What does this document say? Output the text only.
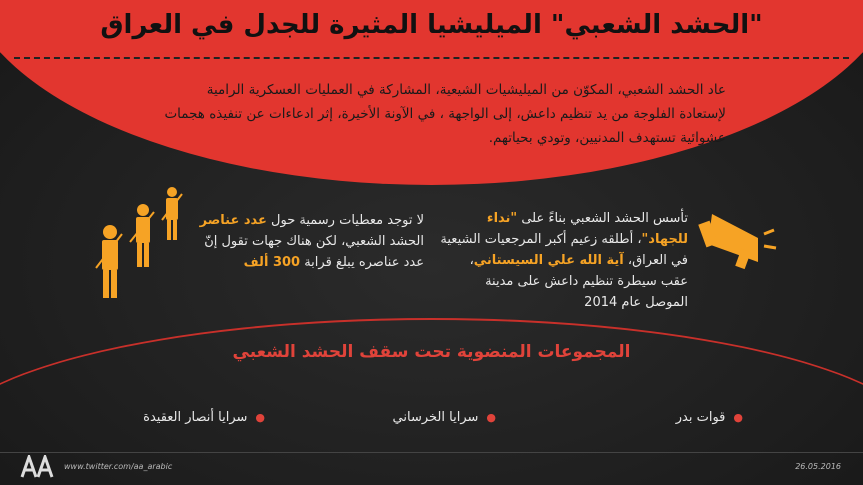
"الحشد الشعبي" الميليشيا المثيرة للجدل في العراق
عاد الحشد الشعبي، المكوّن من الميليشيات الشيعية، المشاركة في العمليات العسكرية الرامية لإستعادة الفلوجة من يد تنظيم داعش، إلى الواجهة ، في الآونة الأخيرة، إثر ادعاءات عن تنفيذه هجمات عشوائية تستهدف المدنيين، وتودي بحياتهم.
تأسس الحشد الشعبي بناءً على "نداء للجهاد"، أطلقه زعيم أكبر المرجعيات الشيعية في العراق، آية الله علي السيستاني، عقب سيطرة تنظيم داعش على مدينة الموصل عام 2014
لا توجد معطيات رسمية حول عدد عناصر الحشد الشعبي، لكن هناك جهات تقول إنّ عدد عناصره يبلغ قرابة 300 ألف
المجموعات المنضوية تحت سقف الحشد الشعبي
●قوات بدر
●سرايا الخرساني
●سرايا أنصار العقيدة
www.twitter.com/aa_arabic	26.05.2016
